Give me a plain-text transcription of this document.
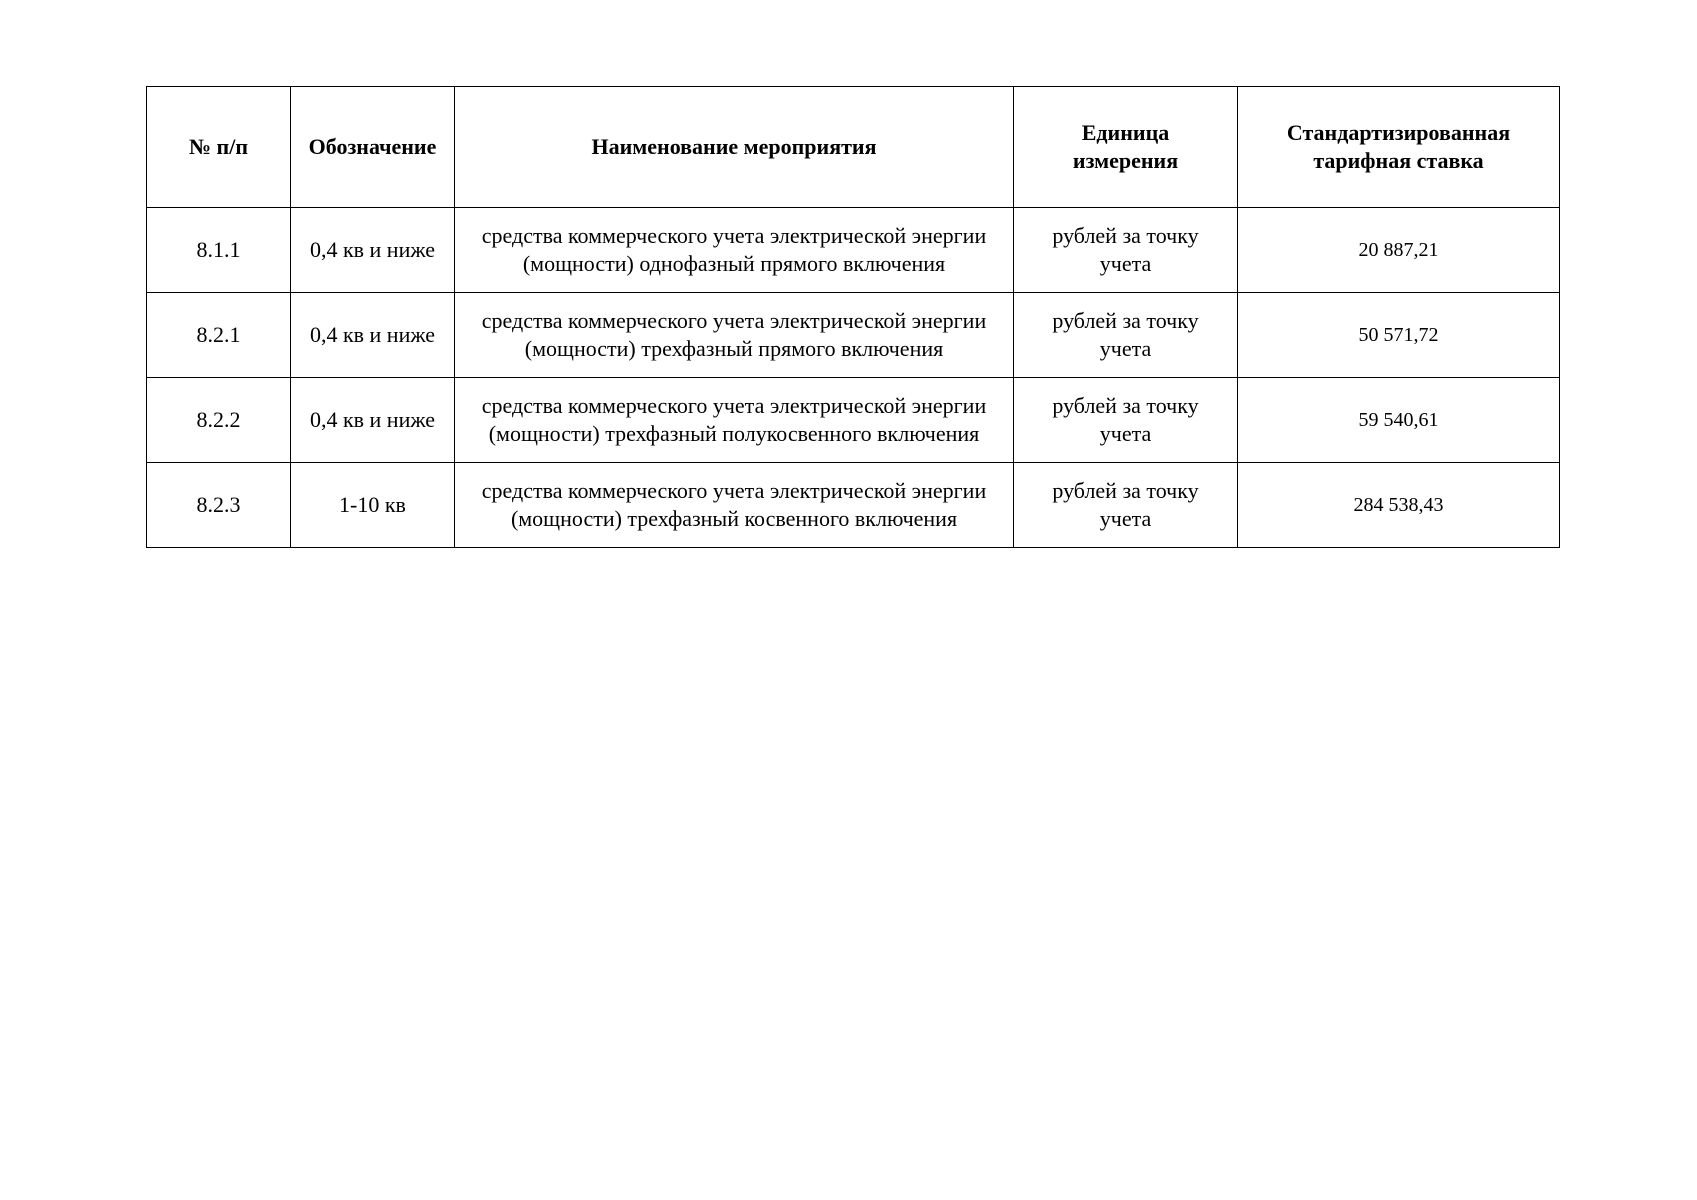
№ п/п	Обозначение	Наименование мероприятия	Единица измерения	Стандартизированная тарифная ставка
8.1.1	0,4 кв и ниже	средства коммерческого учета электрической энергии (мощности) однофазный прямого включения	рублей за точку учета	20 887,21
8.2.1	0,4 кв и ниже	средства коммерческого учета электрической энергии (мощности) трехфазный прямого включения	рублей за точку учета	50 571,72
8.2.2	0,4 кв и ниже	средства коммерческого учета электрической энергии (мощности) трехфазный полукосвенного включения	рублей за точку учета	59 540,61
8.2.3	1-10 кв	средства коммерческого учета электрической энергии (мощности) трехфазный косвенного включения	рублей за точку учета	284 538,43
